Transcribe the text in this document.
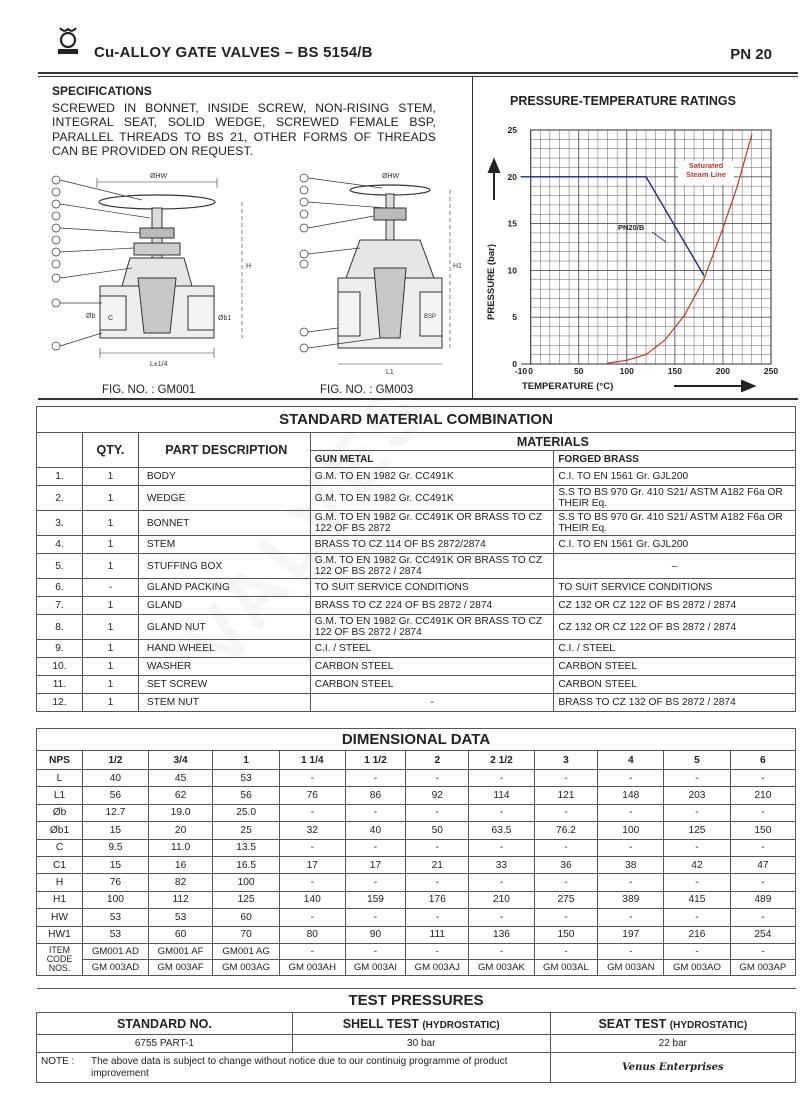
Cu-ALLOY GATE VALVES – BS 5154/B	PN 20
SPECIFICATIONS
SCREWED IN BONNET, INSIDE SCREW, NON-RISING STEM, INTEGRAL SEAT, SOLID WEDGE, SCREWED FEMALE BSP, PARALLEL THREADS TO BS 21, OTHER FORMS OF THREADS CAN BE PROVIDED ON REQUEST.
ØHW
H
L±1/4
Øb C	Øb1
ØHW
H1
BSP
L1
FIG. NO. : GM001	FIG. NO. : GM003
PRESSURE-TEMPERATURE RATINGS
-10 0	50	100	150	200	250
0
5
10
15
20
25
PRESSURE (bar)
TEMPERATURE (°C)
PN20/B
Saturated Steam Line
STANDARD MATERIAL COMBINATION				
	QTY.	PART DESCRIPTION	MATERIALS	
			GUN METAL	FORGED BRASS
1.	1	BODY	G.M. TO EN 1982 Gr. CC491K	C.I. TO EN 1561 Gr. GJL200
2.	1	WEDGE	G.M. TO EN 1982 Gr. CC491K	S.S TO BS 970 Gr. 410 S21/ ASTM A182 F6a OR THEIR Eq.
3.	1	BONNET	G.M. TO EN 1982 Gr. CC491K OR BRASS TO CZ 122 OF BS 2872	S.S TO BS 970 Gr. 410 S21/ ASTM A182 F6a OR THEIR Eq.
4.	1	STEM	BRASS TO CZ 114 OF BS 2872/2874	C.I. TO EN 1561 Gr. GJL200
5.	1	STUFFING BOX	G.M. TO EN 1982 Gr. CC491K OR BRASS TO CZ 122 OF BS 2872 / 2874	–
6.	-	GLAND PACKING	TO SUIT SERVICE CONDITIONS	TO SUIT SERVICE CONDITIONS
7.	1	GLAND	BRASS TO CZ 224 OF BS 2872 / 2874	CZ 132 OR CZ 122 OF BS 2872 / 2874
8.	1	GLAND NUT	G.M. TO EN 1982 Gr. CC491K OR BRASS TO CZ 122 OF BS 2872 / 2874	CZ 132 OR CZ 122 OF BS 2872 / 2874
9.	1	HAND WHEEL	C.I. / STEEL	C.I. / STEEL
10.	1	WASHER	CARBON STEEL	CARBON STEEL
11.	1	SET SCREW	CARBON STEEL	CARBON STEEL
12.	1	STEM NUT	-	BRASS TO CZ 132 OF BS 2872 / 2874
DIMENSIONAL DATA											
NPS	1/2	3/4	1	1 1/4	1 1/2	2	2 1/2	3	4	5	6
L	40	45	53	-	-	-	-	-	-	-	-
L1	56	62	56	76	86	92	114	121	148	203	210
Øb	12.7	19.0	25.0	-	-	-	-	-	-	-	-
Øb1	15	20	25	32	40	50	63.5	76.2	100	125	150
C	9.5	11.0	13.5	-	-	-	-	-	-	-	-
C1	15	16	16.5	17	17	21	33	36	38	42	47
H	76	82	100	-	-	-	-	-	-	-	-
H1	100	112	125	140	159	176	210	275	389	415	489
HW	53	53	60	-	-	-	-	-	-	-	-
HW1	53	60	70	80	90	111	136	150	197	216	254
ITEM CODE NOS.	GM001 AD	GM001 AF	GM001 AG	-	-	-	-	-	-	-	-
	GM 003AD	GM 003AF	GM 003AG	GM 003AH	GM 003AI	GM 003AJ	GM 003AK	GM 003AL	GM 003AN	GM 003AO	GM 003AP
TEST PRESSURES		
STANDARD NO.	SHELL TEST (HYDROSTATIC)	SEAT TEST (HYDROSTATIC)
6755 PART-1	30 bar	22 bar
NOTE : The above data is subject to change without notice due to our continuig programme of product improvement		Venus Enterprises
